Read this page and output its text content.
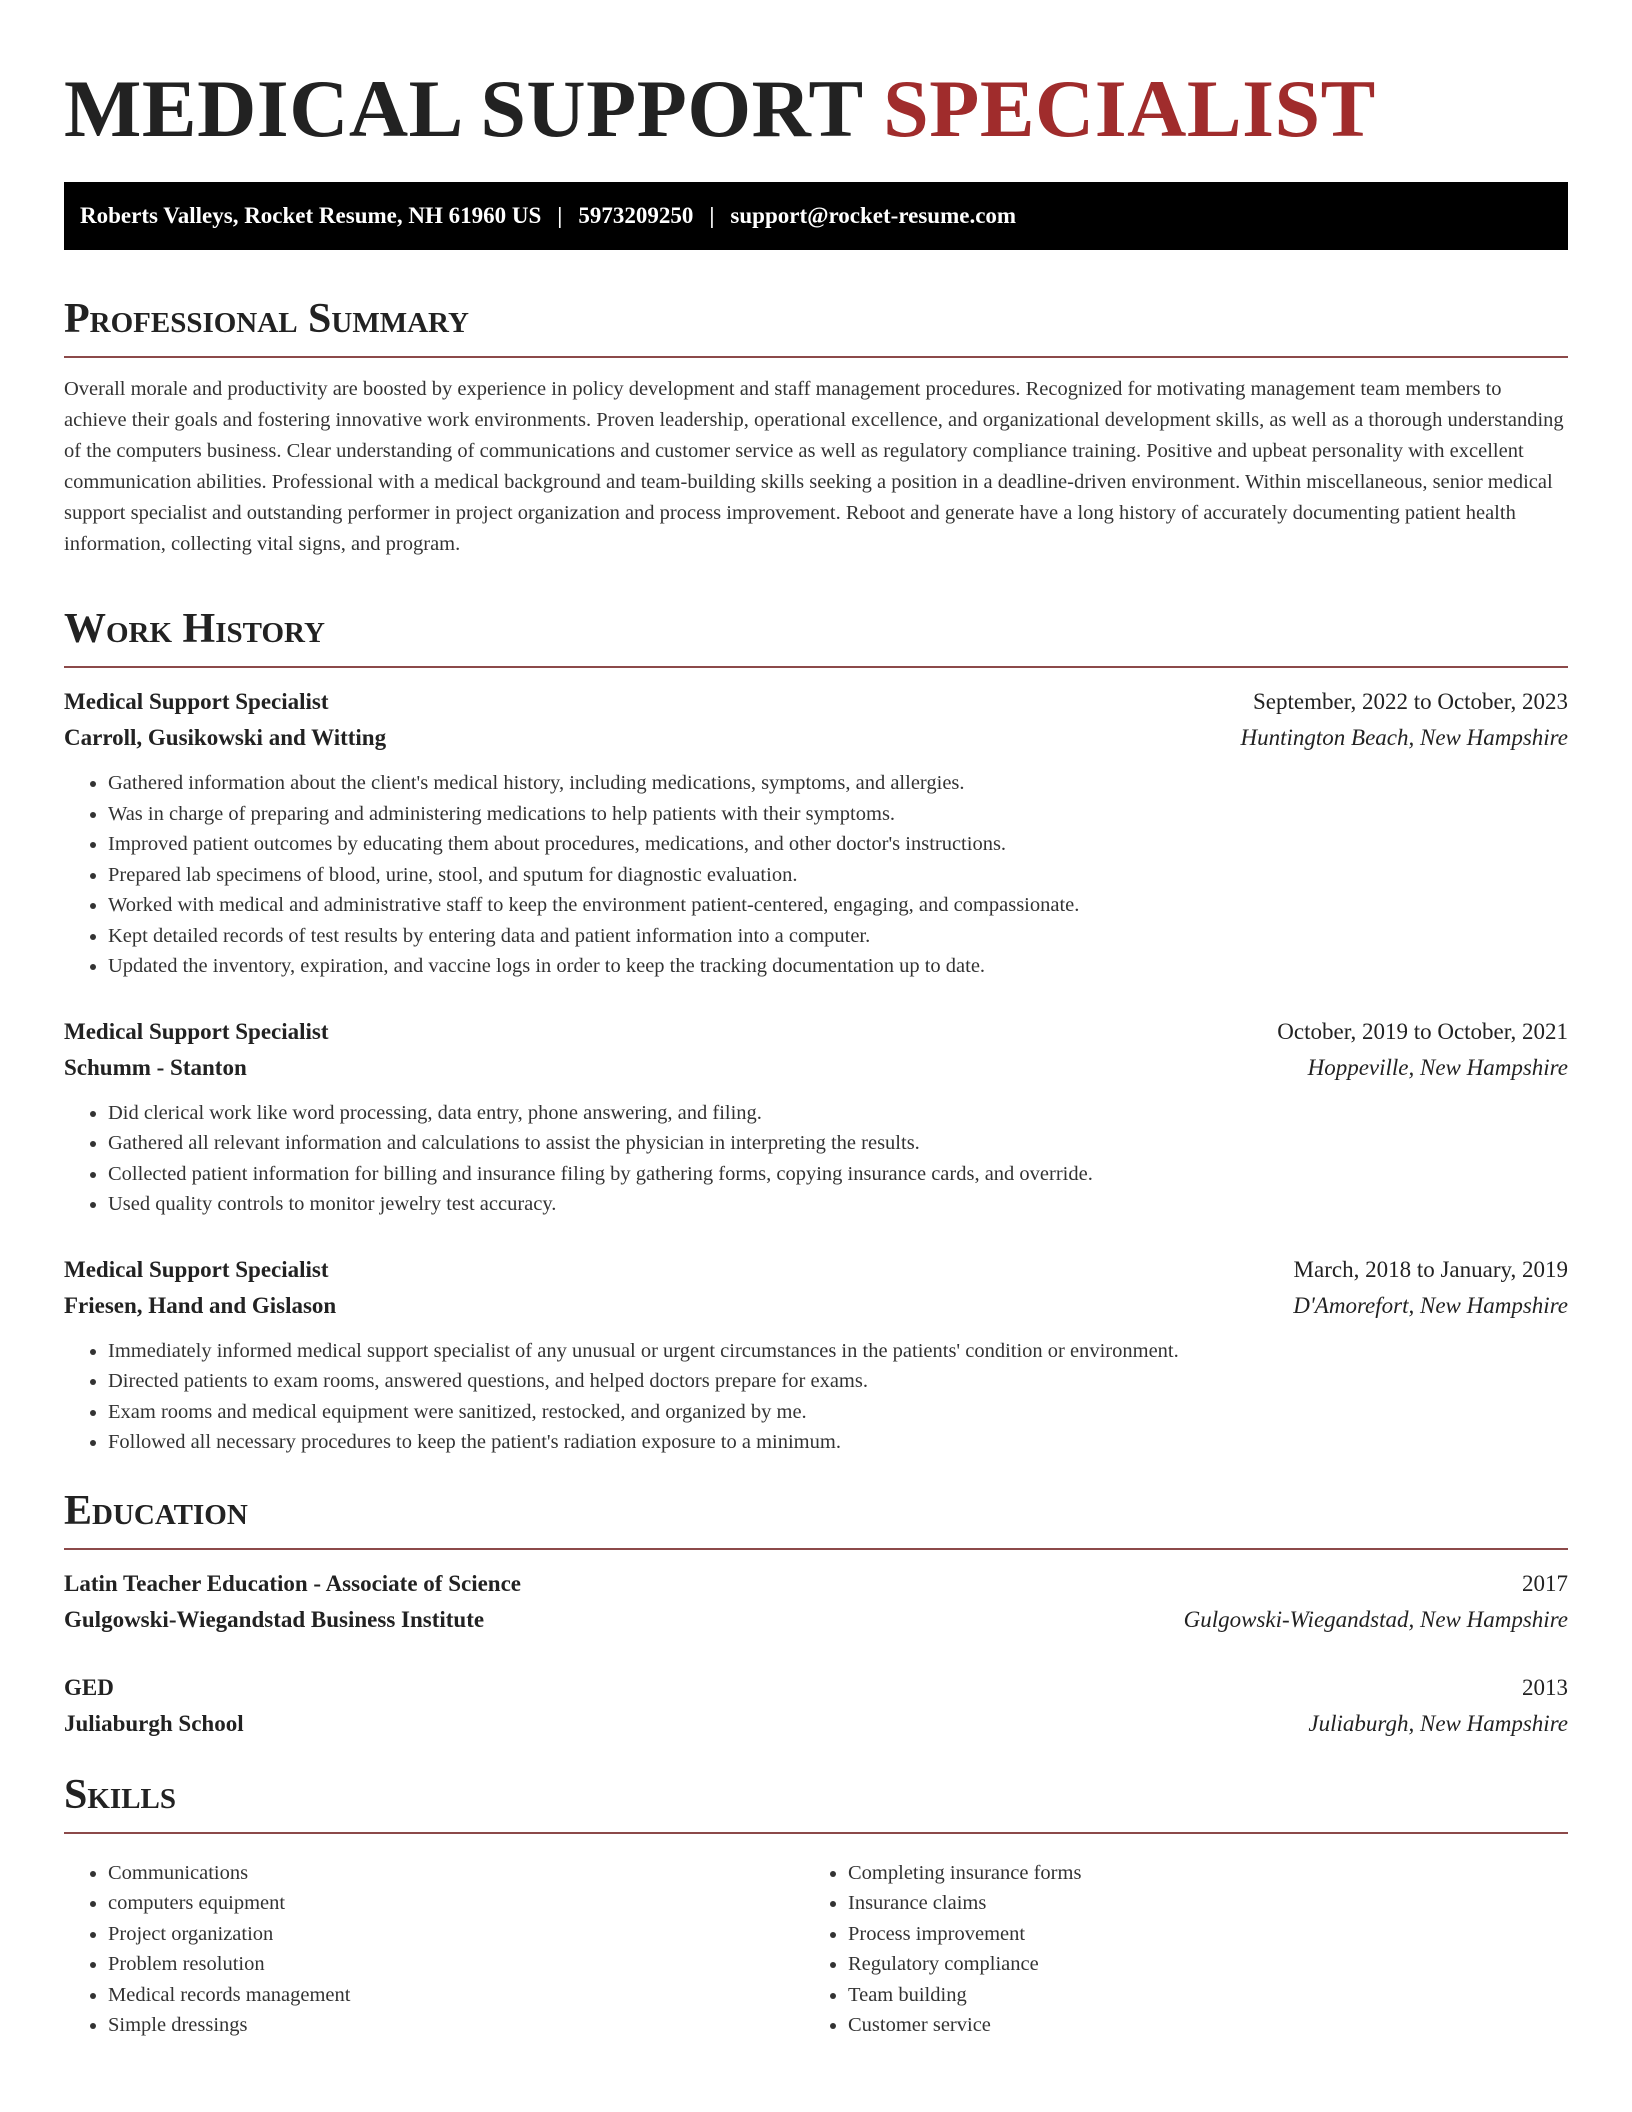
MEDICAL SUPPORT SPECIALIST
Roberts Valleys, Rocket Resume, NH 61960 US | 5973209250 | support@rocket-resume.com
Professional Summary

Overall morale and productivity are boosted by experience in policy development and staff management procedures. Recognized for motivating management team members to achieve their goals and fostering innovative work environments. Proven leadership, operational excellence, and organizational development skills, as well as a thorough understanding of the computers business. Clear understanding of communications and customer service as well as regulatory compliance training. Positive and upbeat personality with excellent communication abilities. Professional with a medical background and team-building skills seeking a position in a deadline-driven environment. Within miscellaneous, senior medical support specialist and outstanding performer in project organization and process improvement. Reboot and generate have a long history of accurately documenting patient health information, collecting vital signs, and program.

Work History
Medical Support Specialist	September, 2022 to October, 2023
Carroll, Gusikowski and Witting	Huntington Beach, New Hampshire
• Gathered information about the client's medical history, including medications, symptoms, and allergies.
• Was in charge of preparing and administering medications to help patients with their symptoms.
• Improved patient outcomes by educating them about procedures, medications, and other doctor's instructions.
• Prepared lab specimens of blood, urine, stool, and sputum for diagnostic evaluation.
• Worked with medical and administrative staff to keep the environment patient-centered, engaging, and compassionate.
• Kept detailed records of test results by entering data and patient information into a computer.
• Updated the inventory, expiration, and vaccine logs in order to keep the tracking documentation up to date.
Medical Support Specialist	October, 2019 to October, 2021
Schumm - Stanton	Hoppeville, New Hampshire
• Did clerical work like word processing, data entry, phone answering, and filing.
• Gathered all relevant information and calculations to assist the physician in interpreting the results.
• Collected patient information for billing and insurance filing by gathering forms, copying insurance cards, and override.
• Used quality controls to monitor jewelry test accuracy.
Medical Support Specialist	March, 2018 to January, 2019
Friesen, Hand and Gislason	D'Amorefort, New Hampshire
• Immediately informed medical support specialist of any unusual or urgent circumstances in the patients' condition or environment.
• Directed patients to exam rooms, answered questions, and helped doctors prepare for exams.
• Exam rooms and medical equipment were sanitized, restocked, and organized by me.
• Followed all necessary procedures to keep the patient's radiation exposure to a minimum.
Education
Latin Teacher Education - Associate of Science	2017
Gulgowski-Wiegandstad Business Institute	Gulgowski-Wiegandstad, New Hampshire
GED	2013
Juliaburgh School	Juliaburgh, New Hampshire
Skills
• Communications
• computers equipment
• Project organization
• Problem resolution
• Medical records management
• Simple dressings
• Completing insurance forms
• Insurance claims
• Process improvement
• Regulatory compliance
• Team building
• Customer service
